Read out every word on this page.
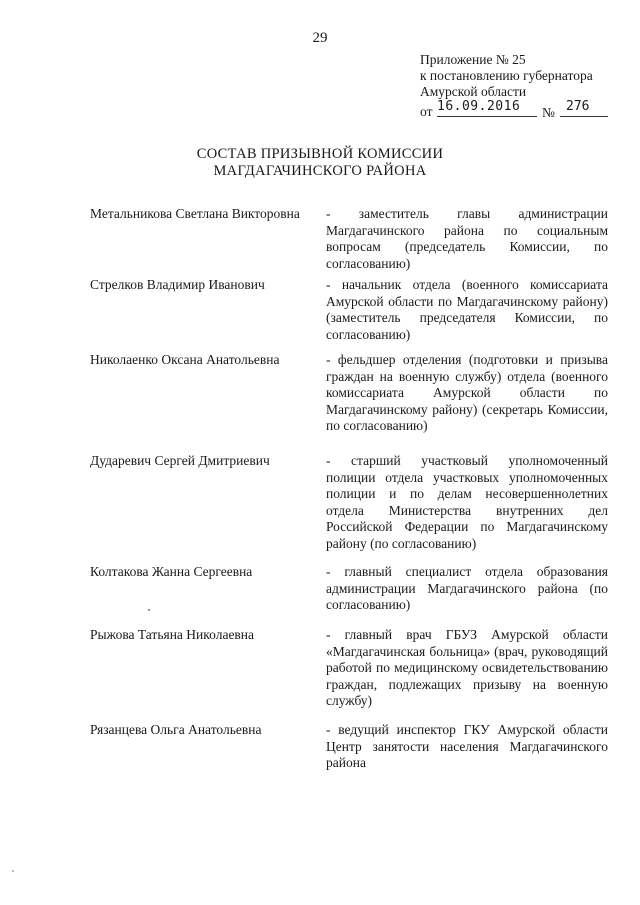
29
Приложение № 25
к постановлению губернатора
Амурской области
от 16.09.2016 № 276
СОСТАВ ПРИЗЫВНОЙ КОМИССИИ
МАГДАГАЧИНСКОГО РАЙОНА
Метальникова Светлана Викторовна - заместитель главы администрации Магдагачинского района по социальным вопросам (председатель Комиссии, по согласованию)
Стрелков Владимир Иванович	- начальник отдела (военного комиссариата Амурской области по Магдагачинскому району) (заместитель председателя Комиссии, по согласованию)
Николаенко Оксана Анатольевна	- фельдшер отделения (подготовки и призыва граждан на военную службу) отдела (военного комиссариата Амурской области по Магдагачинскому району) (секретарь Комиссии, по согласованию)
Дударевич Сергей Дмитриевич	- старший участковый уполномоченный полиции отдела участковых уполномоченных полиции и по делам несовершеннолетних отдела Министерства внутренних дел Российской Федерации по Магдагачинскому району (по согласованию)
Колтакова Жанна Сергеевна	- главный специалист отдела образования администрации Магдагачинского района (по согласованию)
Рыжова Татьяна Николаевна	- главный врач ГБУЗ Амурской области «Магдагачинская больница» (врач, руководящий работой по медицинскому освидетельствованию граждан, подлежащих призыву на военную службу)
Рязанцева Ольга Анатольевна	- ведущий инспектор ГКУ Амурской области Центр занятости населения Магдагачинского района
